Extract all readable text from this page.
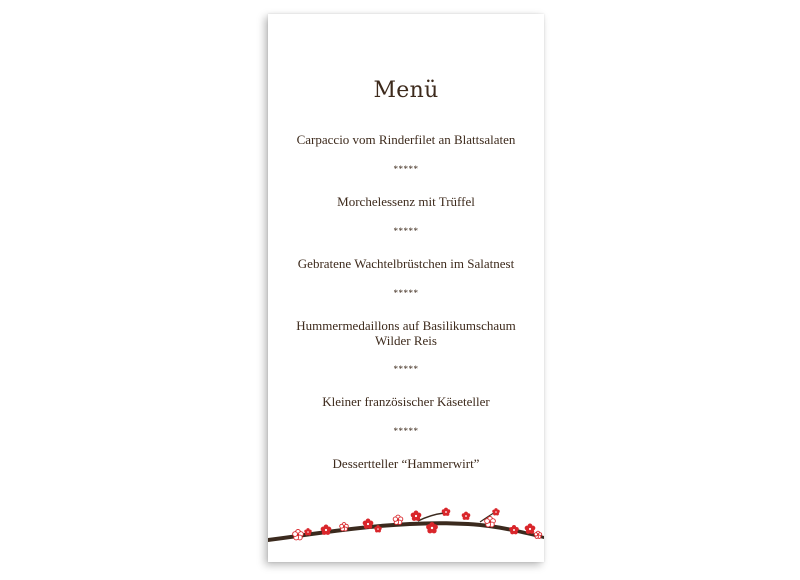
Menü
Carpaccio vom Rinderfilet an Blattsalaten
*****
Morchelessenz mit Trüffel
*****
Gebratene Wachtelbrüstchen im Salatnest
*****
Hummermedaillons auf Basilikumschaum
Wilder Reis
*****
Kleiner französischer Käseteller
*****
Dessertteller “Hammerwirt”
